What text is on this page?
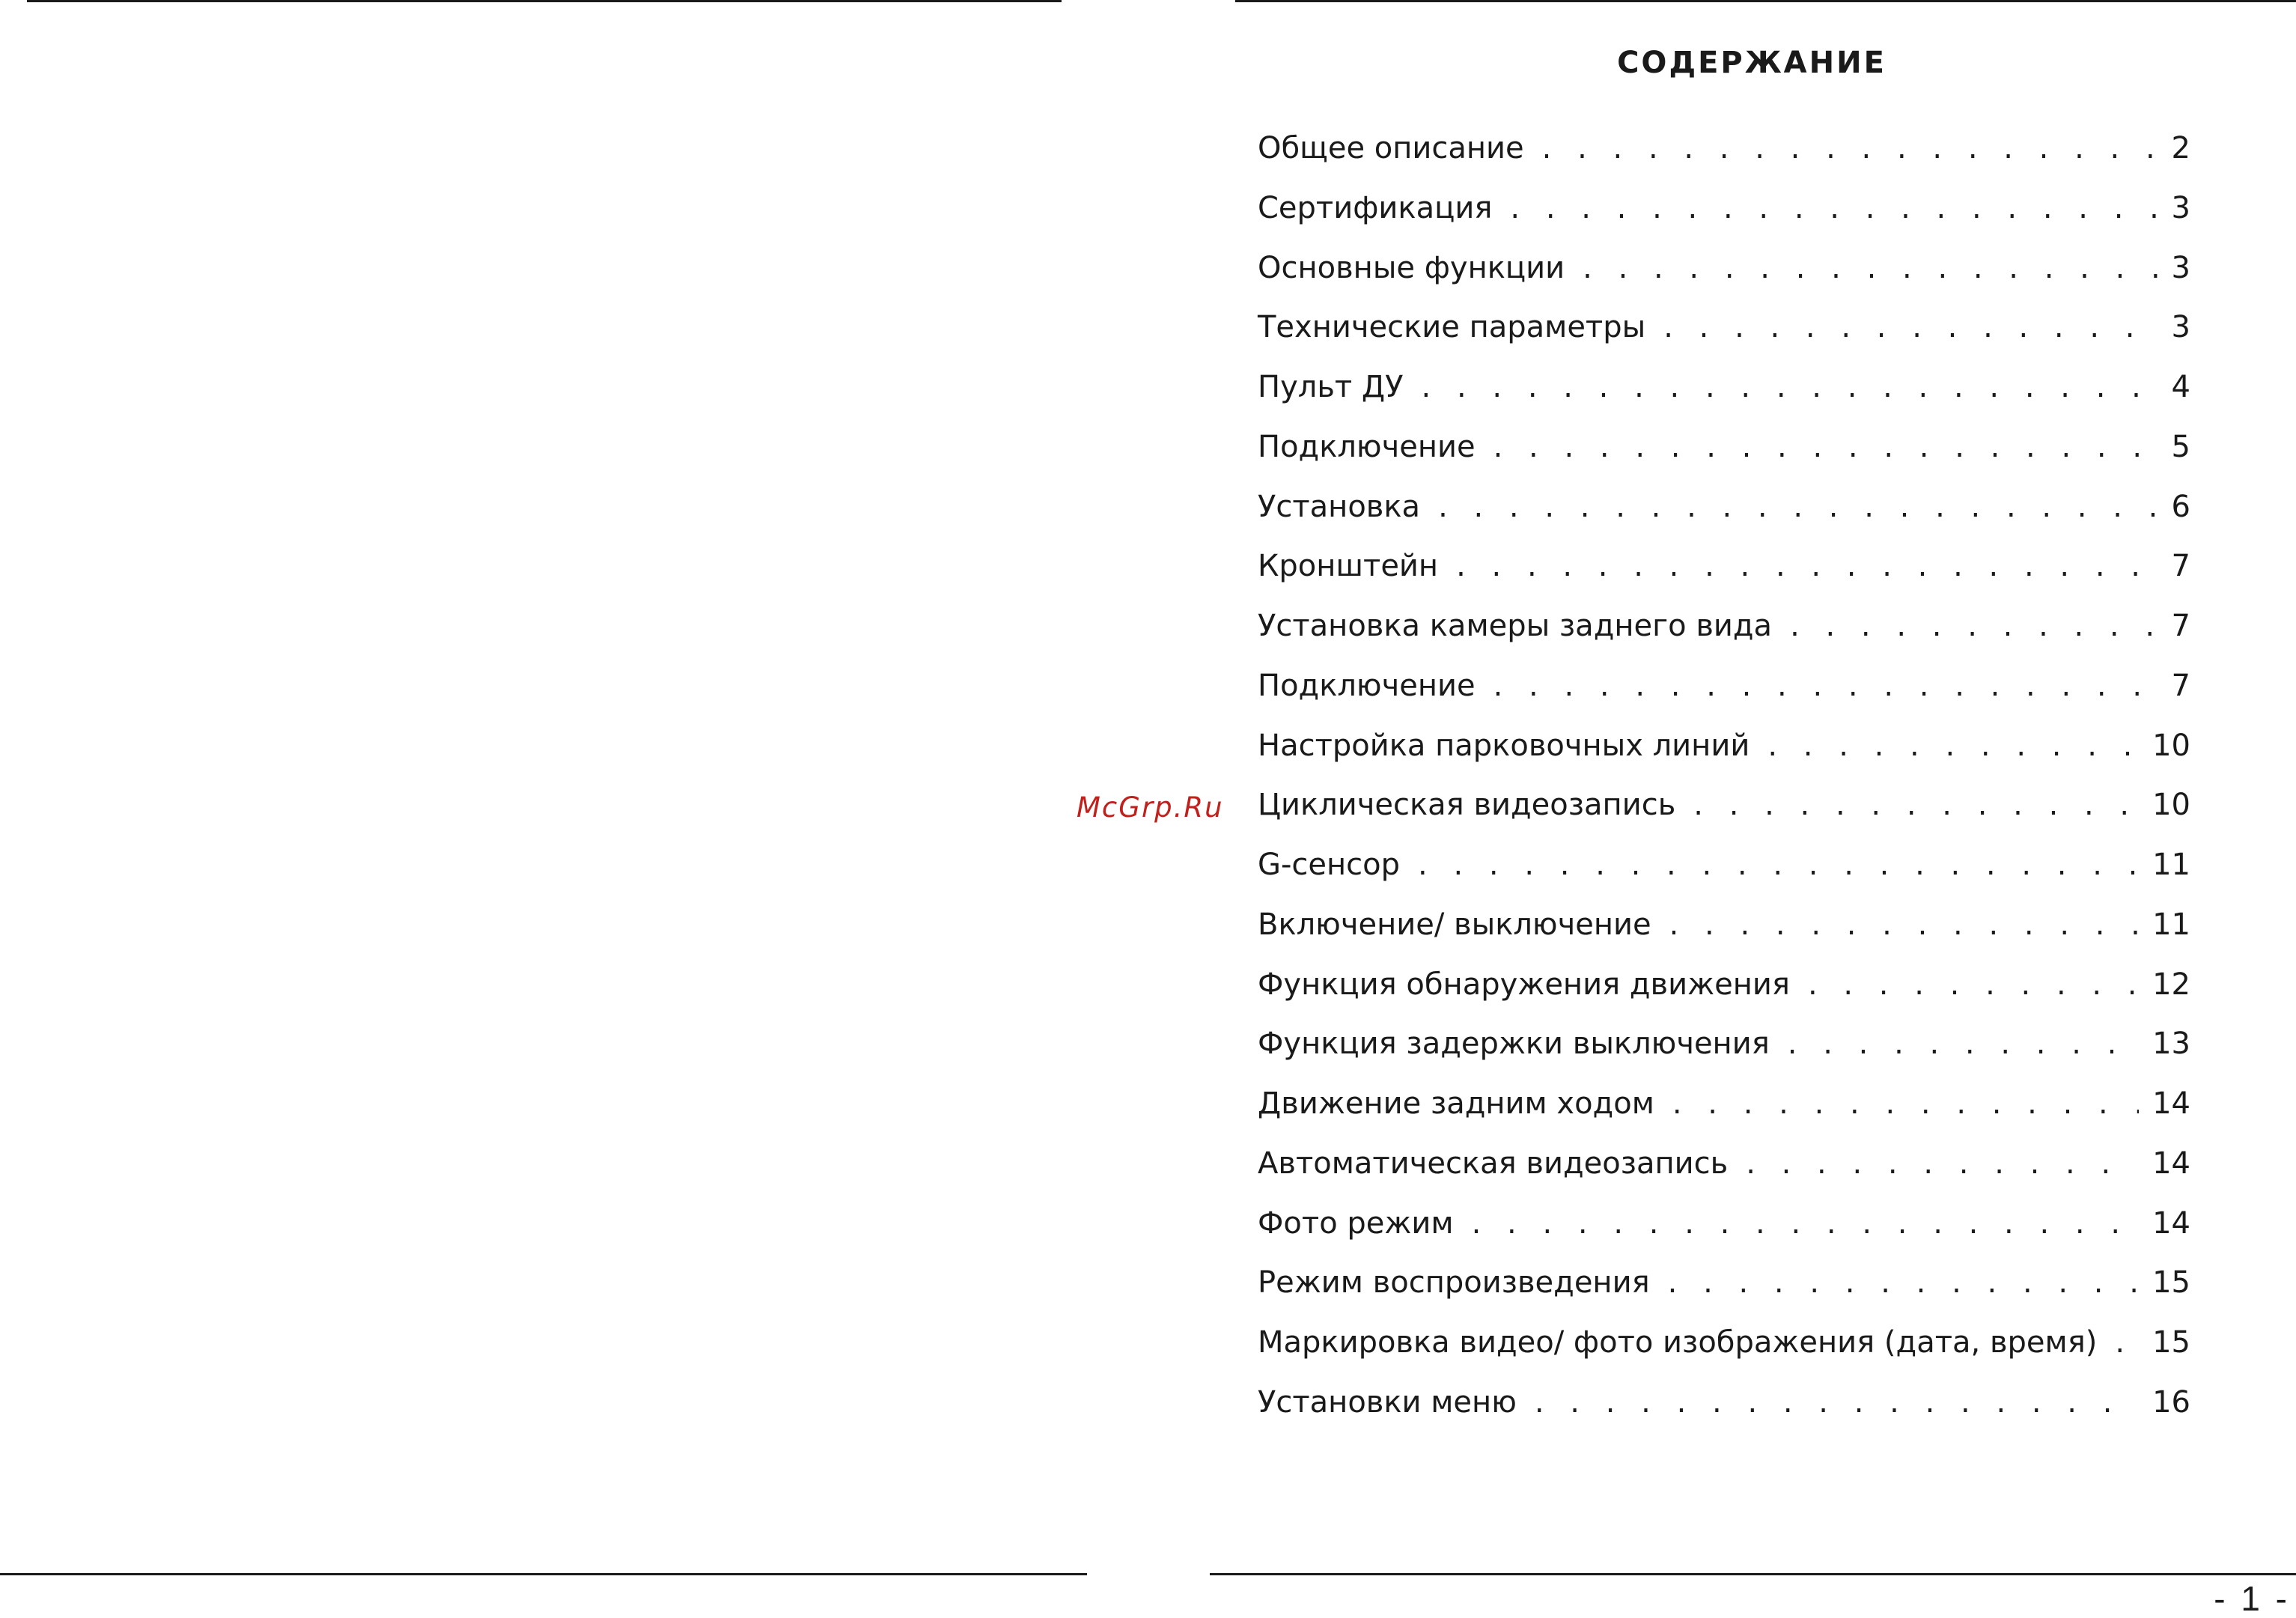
СОДЕРЖАНИЕ
McGrp.Ru
Общее описание . . .	2
Сертификация . . .	3
Основные функции . . .	3
Технические параметры . . .	3
Пульт ДУ . . .	4
Подключение . . .	5
Установка . . .	6
Кронштейн . . .	7
Установка камеры заднего вида . . .	7
Подключение . . .	7
Настройка парковочных линий . . .	10
Циклическая видеозапись . . .	10
G-сенсор . . .	11
Включение/ выключение . . .	11
Функция обнаружения движения . . .	12
Функция задержки выключения . . .	13
Движение задним ходом . . .	14
Автоматическая видеозапись . . .	14
Фото режим . . .	14
Режим воспроизведения . . .	15
Маркировка видео/ фото изображения (дата, время) . . . 15
Установки меню . . .	16
- 1 -
